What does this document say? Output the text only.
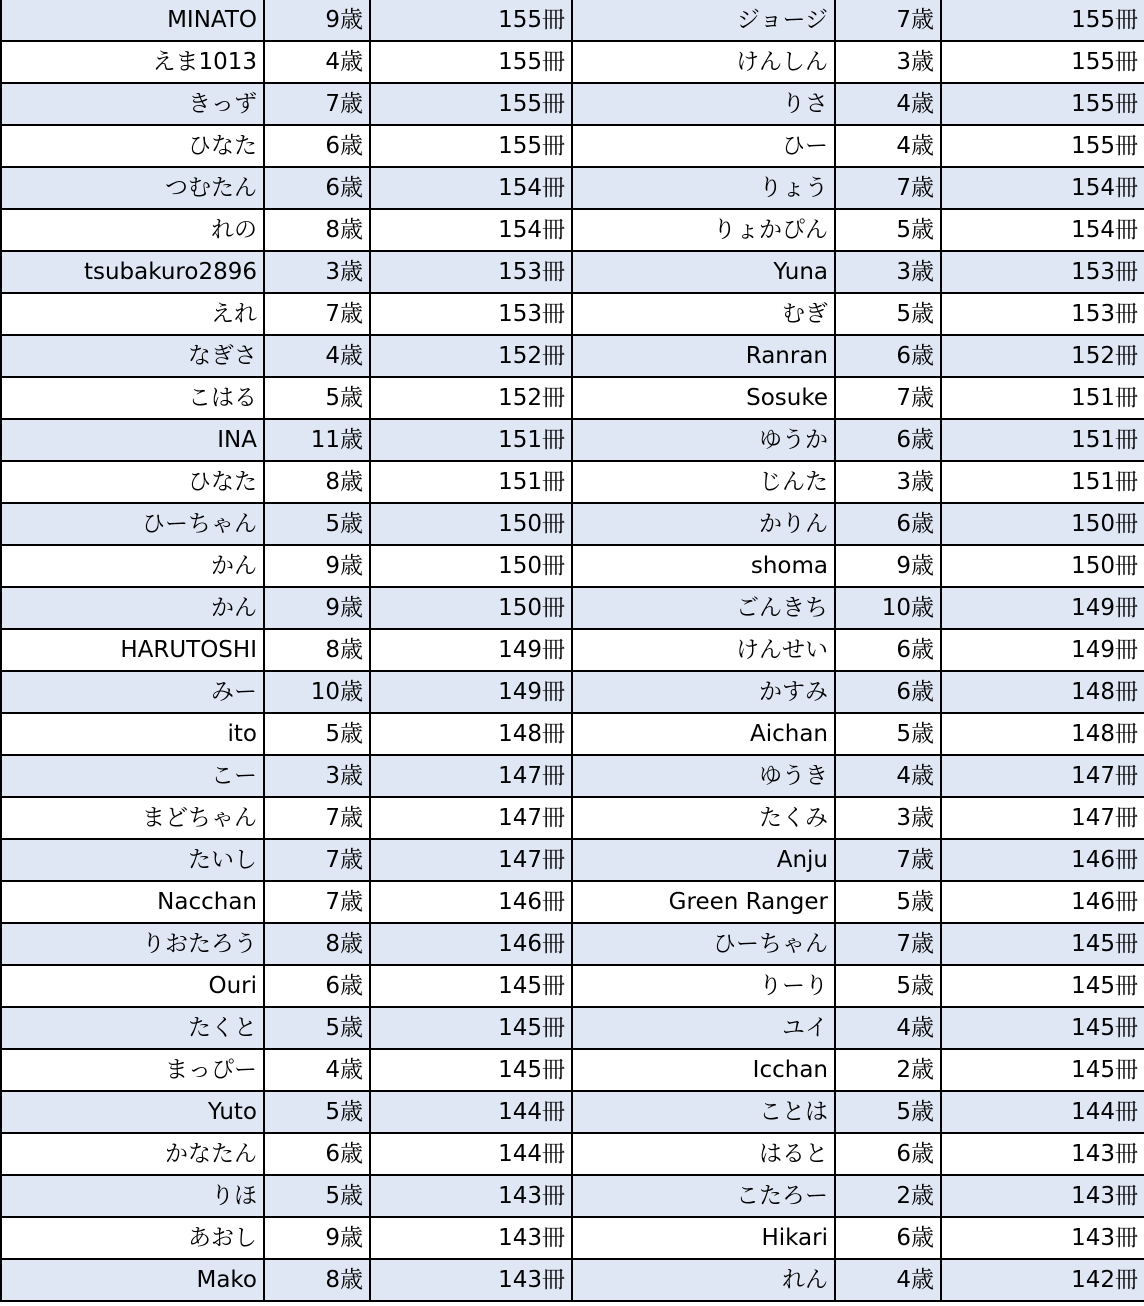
MINATO	9歳	155冊	ジョージ	7歳	155冊
えま1013	4歳	155冊	けんしん	3歳	155冊
きっず	7歳	155冊	りさ	4歳	155冊
ひなた	6歳	155冊	ひー	4歳	155冊
つむたん	6歳	154冊	りょう	7歳	154冊
れの	8歳	154冊	りょかぴん	5歳	154冊
tsubakuro2896	3歳	153冊	Yuna	3歳	153冊
えれ	7歳	153冊	むぎ	5歳	153冊
なぎさ	4歳	152冊	Ranran	6歳	152冊
こはる	5歳	152冊	Sosuke	7歳	151冊
INA	11歳	151冊	ゆうか	6歳	151冊
ひなた	8歳	151冊	じんた	3歳	151冊
ひーちゃん	5歳	150冊	かりん	6歳	150冊
かん	9歳	150冊	shoma	9歳	150冊
かん	9歳	150冊	ごんきち	10歳	149冊
HARUTOSHI	8歳	149冊	けんせい	6歳	149冊
みー	10歳	149冊	かすみ	6歳	148冊
ito	5歳	148冊	Aichan	5歳	148冊
こー	3歳	147冊	ゆうき	4歳	147冊
まどちゃん	7歳	147冊	たくみ	3歳	147冊
たいし	7歳	147冊	Anju	7歳	146冊
Nacchan	7歳	146冊	Green Ranger	5歳	146冊
りおたろう	8歳	146冊	ひーちゃん	7歳	145冊
Ouri	6歳	145冊	りーり	5歳	145冊
たくと	5歳	145冊	ユイ	4歳	145冊
まっぴー	4歳	145冊	Icchan	2歳	145冊
Yuto	5歳	144冊	ことは	5歳	144冊
かなたん	6歳	144冊	はると	6歳	143冊
りほ	5歳	143冊	こたろー	2歳	143冊
あおし	9歳	143冊	Hikari	6歳	143冊
Mako	8歳	143冊	れん	4歳	142冊
